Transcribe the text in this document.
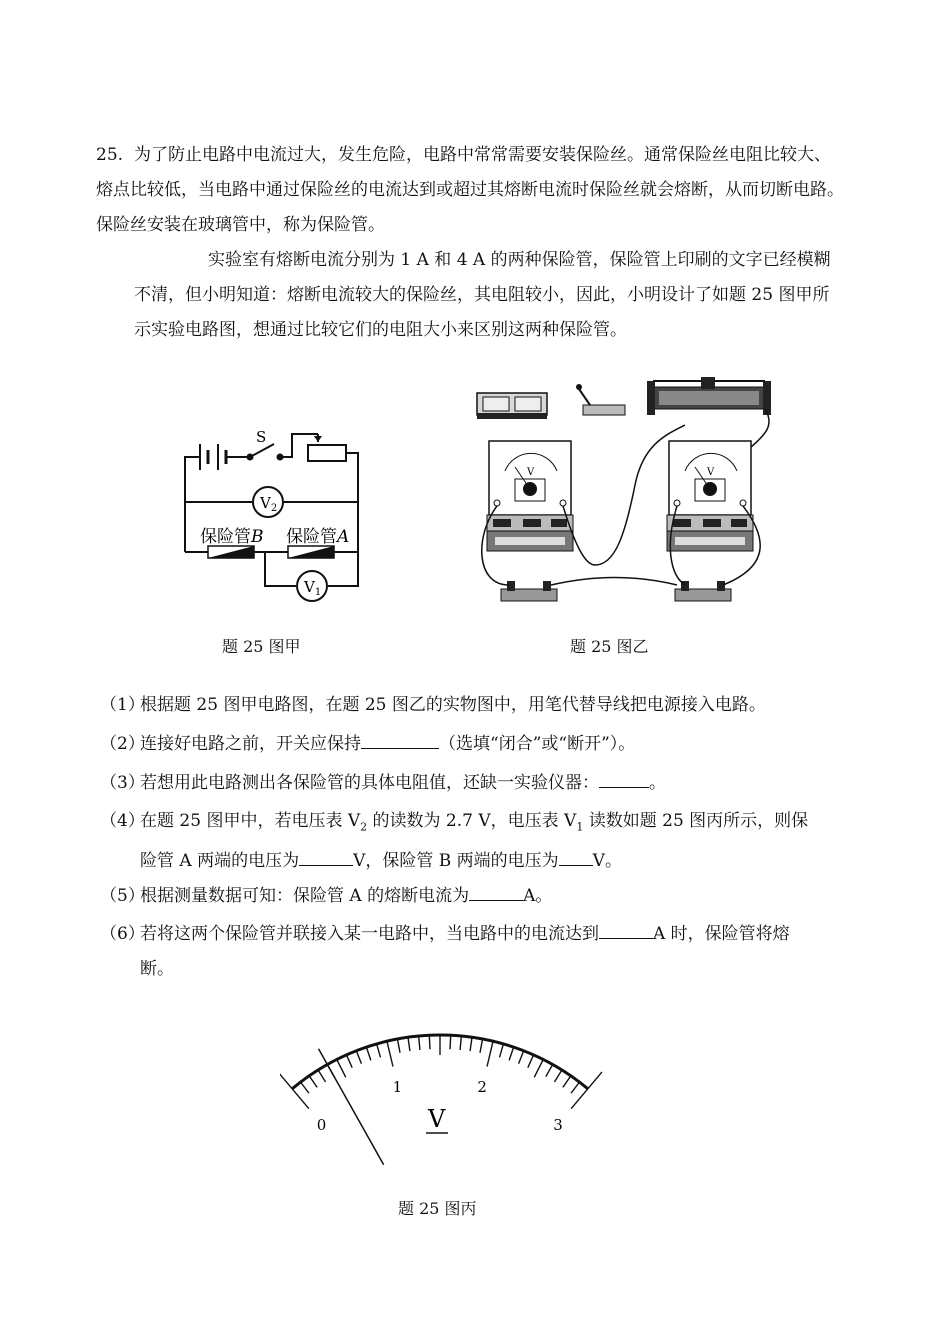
25. 为了防止电路中电流过大，发生危险，电路中常常需要安装保险丝。通常保险丝电阻比较大、熔点比较低，当电路中通过保险丝的电流达到或超过其熔断电流时保险丝就会熔断，从而切断电路。保险丝安装在玻璃管中，称为保险管。

实验室有熔断电流分别为 1 A 和 4 A 的两种保险管，保险管上印刷的文字已经模糊不清，但小明知道：熔断电流较大的保险丝，其电阻较小，因此，小明设计了如题 25 图甲所示实验电路图，想通过比较它们的电阻大小来区别这两种保险管。

S
$V_2$
$V_1$
保险管B 保险管A
题 25 图甲
V	V
题 25 图乙
（1）根据题 25 图甲电路图，在题 25 图乙的实物图中，用笔代替导线把电源接入电路。
（2）连接好电路之前，开关应保持	（选填“闭合”或“断开”）。
（3）若想用此电路测出各保险管的具体电阻值，还缺一实验仪器：	。
（4）在题 25 图甲中，若电压表 $V_2$ 的读数为 2.7 V，电压表 $V_1$ 读数如题 25 图丙所示，则保
险管 A 两端的电压为	V，保险管 B 两端的电压为 V。
（5）根据测量数据可知：保险管 A 的熔断电流为	A。
（6）若将这两个保险管并联接入某一电路中，当电路中的电流达到	A 时，保险管将熔
断。
0
1	2
3
V
题 25 图丙
